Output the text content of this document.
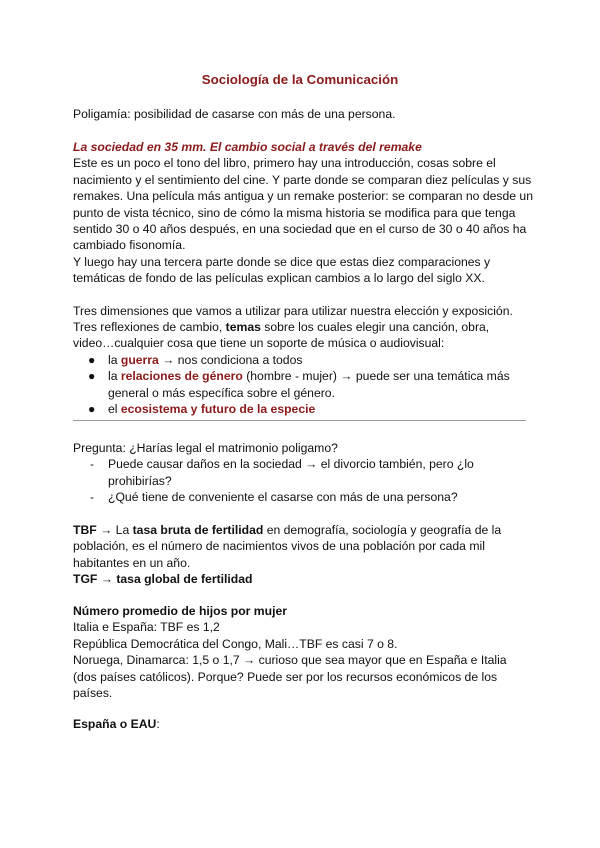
Sociología de la Comunicación
Poligamía: posibilidad de casarse con más de una persona.
La sociedad en 35 mm. El cambio social a través del remake
Este es un poco el tono del libro, primero hay una introducción, cosas sobre el nacimiento y el sentimiento del cine. Y parte donde se comparan diez películas y sus remakes. Una película más antigua y un remake posterior: se comparan no desde un punto de vista técnico, sino de cómo la misma historia se modifica para que tenga sentido 30 o 40 años después, en una sociedad que en el curso de 30 o 40 años ha cambiado fisonomía.
Y luego hay una tercera parte donde se dice que estas diez comparaciones y temáticas de fondo de las películas explican cambios a lo largo del siglo XX.
Tres dimensiones que vamos a utilizar para utilizar nuestra elección y exposición.
Tres reflexiones de cambio, temas sobre los cuales elegir una canción, obra, video…cualquier cosa que tiene un soporte de música o audiovisual:
● la guerra → nos condiciona a todos
● la relaciones de género (hombre - mujer) → puede ser una temática más general o más específica sobre el género.
● el ecosistema y futuro de la especie
Pregunta: ¿Harías legal el matrimonio poligamo?
- Puede causar daños en la sociedad → el divorcio también, pero ¿lo prohibirías?
- ¿Qué tiene de conveniente el casarse con más de una persona?
TBF → La tasa bruta de fertilidad en demografía, sociología y geografía de la población, es el número de nacimientos vivos de una población por cada mil habitantes en un año.
TGF → tasa global de fertilidad
Número promedio de hijos por mujer
Italia e España: TBF es 1,2
República Democrática del Congo, Mali…TBF es casi 7 o 8.
Noruega, Dinamarca: 1,5 o 1,7 → curioso que sea mayor que en España e Italia (dos países católicos). Porque? Puede ser por los recursos económicos de los países.
España o EAU:
